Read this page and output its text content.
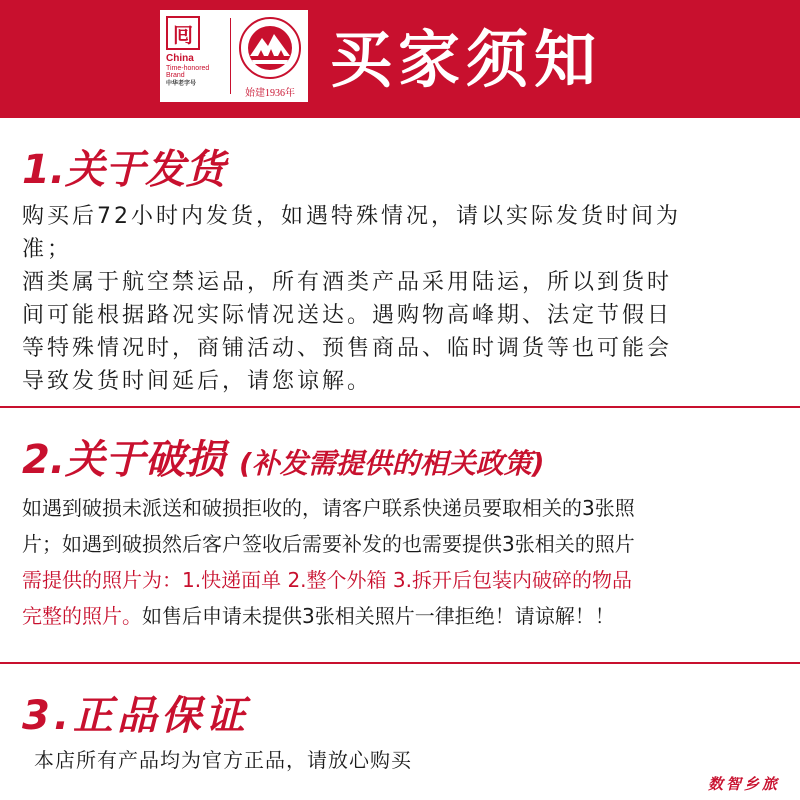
囘
China
Time-honored
Brand
中华老字号
始建1936年 买家须知
1.关于发货
购买后72小时内发货，如遇特殊情况，请以实际发货时间为
准；
酒类属于航空禁运品，所有酒类产品采用陆运，所以到货时
间可能根据路况实际情况送达。遇购物高峰期、法定节假日
等特殊情况时，商铺活动、预售商品、临时调货等也可能会
导致发货时间延后，请您谅解。
2.关于破损 (补发需提供的相关政策)
如遇到破损未派送和破损拒收的，请客户联系快递员要取相关的3张照
片；如遇到破损然后客户签收后需要补发的也需要提供3张相关的照片
需提供的照片为：1.快递面单 2.整个外箱 3.拆开后包装内破碎的物品
完整的照片。如售后申请未提供3张相关照片一律拒绝！请谅解！！
3.正品保证
本店所有产品均为官方正品，请放心购买
数智乡旅
